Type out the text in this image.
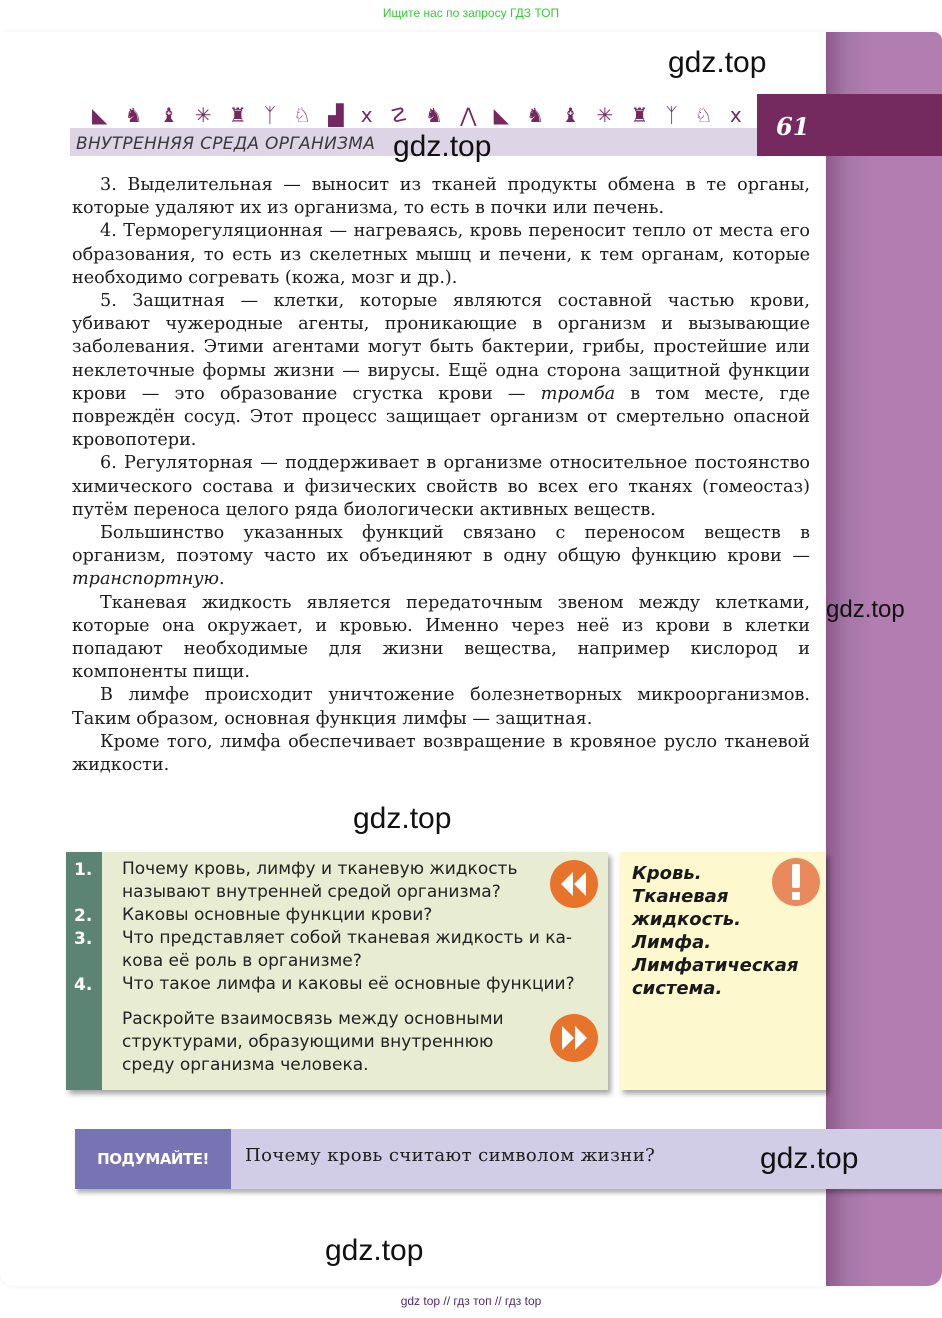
Ищите нас по запросу ГДЗ ТОП
◣ ♞ ♝ ✳ ♜ ᛉ ♘ ▟ ⅹ ☡ ♞ ⋀ ◣ ♞ ♝ ✳ ♜ ᛉ ♘ ⅹ
ВНУТРЕННЯЯ СРЕДА ОРГАНИЗМА
61
gdz.top
gdz.top

3. Выделительная — выносит из тканей продукты обмена в те органы, которые удаляют их из организма, то есть в почки или печень.

4. Терморегуляционная — нагреваясь, кровь переносит тепло от места его образования, то есть из скелетных мышц и печени, к тем органам, которые необходимо согревать (кожа, мозг и др.).

5. Защитная — клетки, которые являются составной частью крови, убивают чужеродные агенты, проникающие в организм и вызывающие заболевания. Этими агентами могут быть бактерии, грибы, простейшие или неклеточные формы жизни — вирусы. Ещё одна сторона защитной функции крови — это образование сгустка крови — тромба в том месте, где повреждён сосуд. Этот процесс защищает организм от смертельно опасной кровопотери.

6. Регуляторная — поддерживает в организме относительное постоянство химического состава и физических свойств во всех его тканях (гомеостаз) путём переноса целого ряда биологически активных веществ.

Большинство указанных функций связано с переносом веществ в организм, поэтому часто их объединяют в одну общую функцию крови — транспортную.

Тканевая жидкость является передаточным звеном между клетками, которые она окружает, и кровью. Именно через неё из крови в клетки попадают необходимые для жизни вещества, например кислород и компоненты пищи.

В лимфе происходит уничтожение болезнетворных микроорганизмов. Таким образом, основная функция лимфы — защитная.

Кроме того, лимфа обеспечивает возвращение в кровяное русло тканевой жидкости.

gdz.top
gdz.top
1.
2.
3.
4.
Почему кровь, лимфу и тканевую жидкость
называют внутренней средой организма?
Каковы основные функции крови?
Что представляет собой тканевая жидкость и ка-
кова её роль в организме?
Что такое лимфа и каковы её основные функции?
Раскройте взаимосвязь между основными
структурами, образующими внутреннюю
среду организма человека.
Кровь.
Тканевая
жидкость.
Лимфа.
Лимфатическая
система.
ПОДУМАЙТЕ! Почему кровь считают символом жизни?	gdz.top
gdz.top
gdz top // гдз топ // гдз top
